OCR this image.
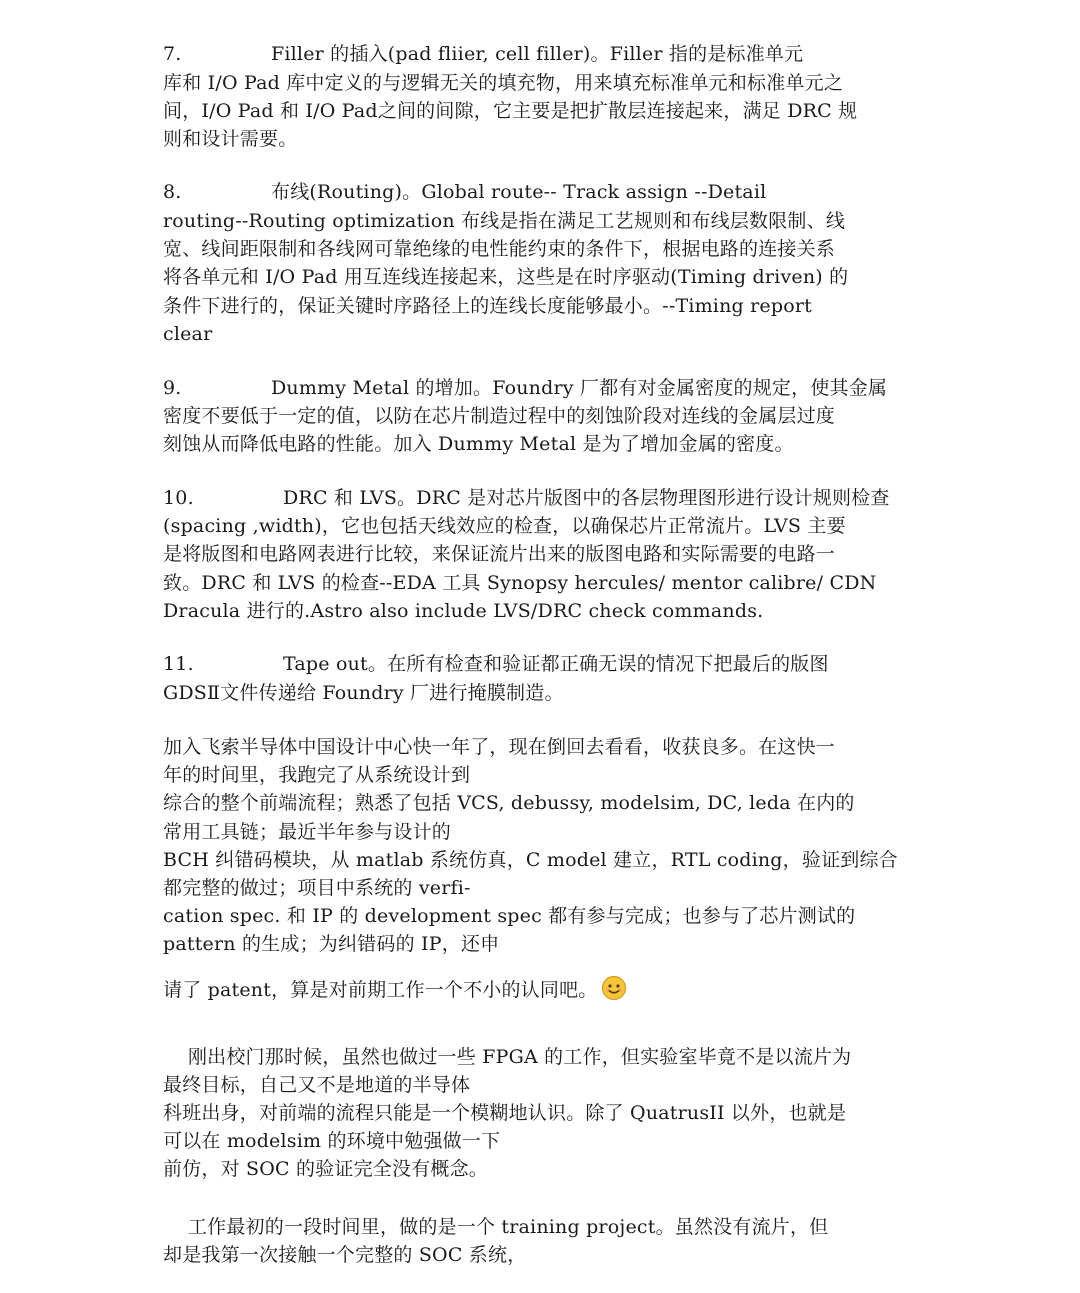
7.	Filler 的插入(pad fliier, cell filler)。Filler 指的是标准单元
库和 I/O Pad 库中定义的与逻辑无关的填充物，用来填充标准单元和标准单元之
间，I/O Pad 和 I/O Pad之间的间隙，它主要是把扩散层连接起来，满足 DRC 规
则和设计需要。
8.	布线(Routing)。Global route-- Track assign --Detail
routing--Routing optimization 布线是指在满足工艺规则和布线层数限制、线
宽、线间距限制和各线网可靠绝缘的电性能约束的条件下，根据电路的连接关系
将各单元和 I/O Pad 用互连线连接起来，这些是在时序驱动(Timing driven) 的
条件下进行的，保证关键时序路径上的连线长度能够最小。--Timing report
clear
9.	Dummy Metal 的增加。Foundry 厂都有对金属密度的规定，使其金属
密度不要低于一定的值，以防在芯片制造过程中的刻蚀阶段对连线的金属层过度
刻蚀从而降低电路的性能。加入 Dummy Metal 是为了增加金属的密度。
10.	DRC 和 LVS。DRC 是对芯片版图中的各层物理图形进行设计规则检查
(spacing ,width)，它也包括天线效应的检查，以确保芯片正常流片。LVS 主要
是将版图和电路网表进行比较，来保证流片出来的版图电路和实际需要的电路一
致。DRC 和 LVS 的检查--EDA 工具 Synopsy hercules/ mentor calibre/ CDN
Dracula 进行的.Astro also include LVS/DRC check commands.
11.	Tape out。在所有检查和验证都正确无误的情况下把最后的版图
GDSⅡ文件传递给 Foundry 厂进行掩膜制造。
加入飞索半导体中国设计中心快一年了，现在倒回去看看，收获良多。在这快一
年的时间里，我跑完了从系统设计到
综合的整个前端流程；熟悉了包括 VCS, debussy, modelsim, DC, leda 在内的
常用工具链；最近半年参与设计的
BCH 纠错码模块，从 matlab 系统仿真，C model 建立，RTL coding，验证到综合
都完整的做过；项目中系统的 verfi-
cation spec. 和 IP 的 development spec 都有参与完成；也参与了芯片测试的
pattern 的生成；为纠错码的 IP，还申
请了 patent，算是对前期工作一个不小的认同吧。
刚出校门那时候，虽然也做过一些 FPGA 的工作，但实验室毕竟不是以流片为
最终目标，自己又不是地道的半导体
科班出身，对前端的流程只能是一个模糊地认识。除了 QuatrusII 以外，也就是
可以在 modelsim 的环境中勉强做一下
前仿，对 SOC 的验证完全没有概念。
工作最初的一段时间里，做的是一个 training project。虽然没有流片，但
却是我第一次接触一个完整的 SOC 系统，
